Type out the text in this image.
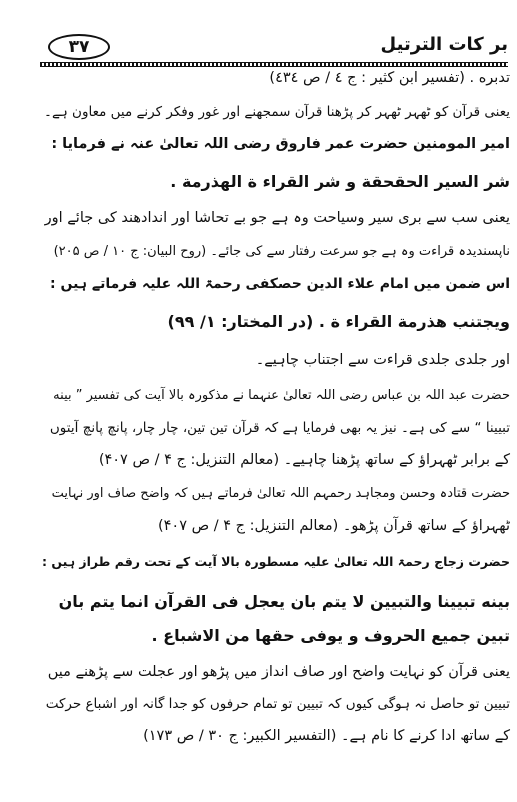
٣٧	بر کات الترتیل
تدبره . (تفسیر ابن کثیر : ج ٤ / ص ٤٣٤)
یعنی قرآن کو ٹھہر ٹھہر کر پڑھنا قرآن سمجھنے اور غور وفکر کرنے میں معاون ہے۔
امیر المومنین حضرت عمر فاروق رضی اللہ تعالیٰ عنہ نے فرمایا :
شر السیر الحقحقة و شر القراء ة الهذرمة .
یعنی سب سے بری سیر وسیاحت وہ ہے جو بے تحاشا اور اندادھند کی جائے اور
ناپسندیدہ قراءت وہ ہے جو سرعت رفتار سے کی جائے۔ (روح البیان: ج ۱۰ / ص ۲۰۵)
اس ضمن میں امام علاء الدین حصکفی رحمۃ اللہ علیہ فرماتے ہیں :
ویجتنب هذرمة القراء ة . (در المختار: ۱/ ۹۹)
اور جلدی جلدی قراءت سے اجتناب چاہیے۔
حضرت عبد اللہ بن عباس رضی اللہ تعالیٰ عنہما نے مذکورہ بالا آیت کی تفسیر ” بینه
تبیینا “ سے کی ہے۔ نیز یہ بھی فرمایا ہے کہ قرآن تین تین، چار چار، پانچ پانچ آیتوں
کے برابر ٹھہراؤ کے ساتھ پڑھنا چاہیے۔ (معالم التنزیل: ج ۴ / ص ۴۰۷)
حضرت قتادہ وحسن ومجاہد رحمہم اللہ تعالیٰ فرماتے ہیں کہ واضح صاف اور نہایت
ٹھہراؤ کے ساتھ قرآن پڑھو۔ (معالم التنزیل: ج ۴ / ص ۴۰۷)
حضرت زجاج رحمۃ اللہ تعالیٰ علیہ مسطورہ بالا آیت کے تحت رقم طراز ہیں :
بینه تبیینا والتبیین لا یتم بان یعجل فی القرآن انما یتم بان
تبین جمیع الحروف و یوفی حقها من الاشباع .
یعنی قرآن کو نہایت واضح اور صاف انداز میں پڑھو اور عجلت سے پڑھنے میں
تبیین تو حاصل نہ ہوگی کیوں کہ تبیین تو تمام حرفوں کو جدا گانہ اور اشباع حرکت
کے ساتھ ادا کرنے کا نام ہے۔ (التفسیر الکبیر: ج ۳۰ / ص ۱۷۳)
